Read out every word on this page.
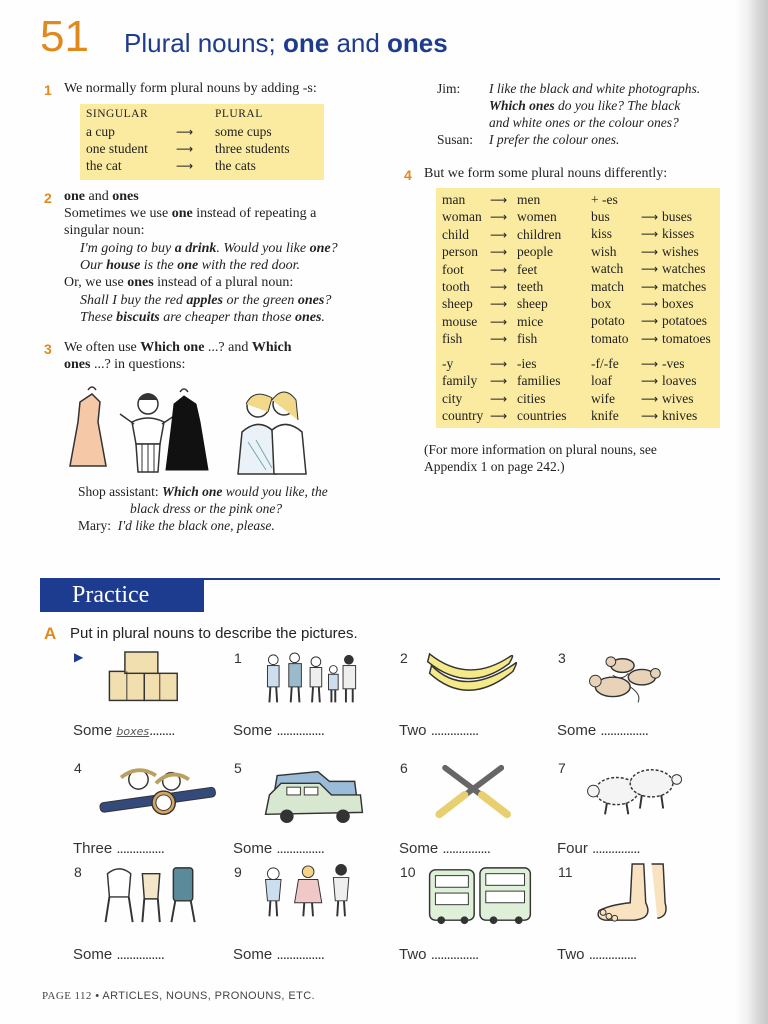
51 Plural nouns; one and ones
1 We normally form plural nouns by adding -s:
SINGULAR	PLURAL
a cup	⟶ some cups
one student ⟶ three students
the cat	⟶ the cats
2 one and ones
Sometimes we use one instead of repeating a
singular noun:
I'm going to buy a drink. Would you like one?
Our house is the one with the red door.
Or, we use ones instead of a plural noun:
Shall I buy the red apples or the green ones?
These biscuits are cheaper than those ones.
3 We often use Which one ...? and Which
ones ...? in questions:
Shop assistant: Which one would you like, the
black dress or the pink one?
Mary: I'd like the black one, please.
Jim: I like the black and white photographs.
Which ones do you like? The black
and white ones or the colour ones?
Susan: I prefer the colour ones.
4 But we form some plural nouns differently:
man ⟶ men
woman ⟶ women
child ⟶ children
person ⟶ people
foot ⟶ feet
tooth ⟶ teeth
sheep ⟶ sheep
mouse ⟶ mice
fish ⟶ fish
+ -es
bus	⟶ buses
kiss ⟶ kisses
wish ⟶ wishes
watch ⟶ watches
match ⟶ matches
box ⟶ boxes
potato ⟶ potatoes
tomato ⟶ tomatoes
-y	⟶ -ies	-f/-fe ⟶ -ves
family ⟶ families
city ⟶ cities
country ⟶ countries
loaf ⟶ loaves
wife ⟶ wives
knife ⟶ knives
(For more information on plural nouns, see
Appendix 1 on page 242.)
Practice
A Put in plural nouns to describe the pictures.
▶
Some boxes........
1
Some ...............
2
Two ...............
3
Some ...............
4
Three ...............
5
Some ...............
6
Some ...............
7
Four ...............
8
Some ...............
9
Some ...............
10
Two ...............
11
Two ...............
PAGE 112 • ARTICLES, NOUNS, PRONOUNS, ETC.
